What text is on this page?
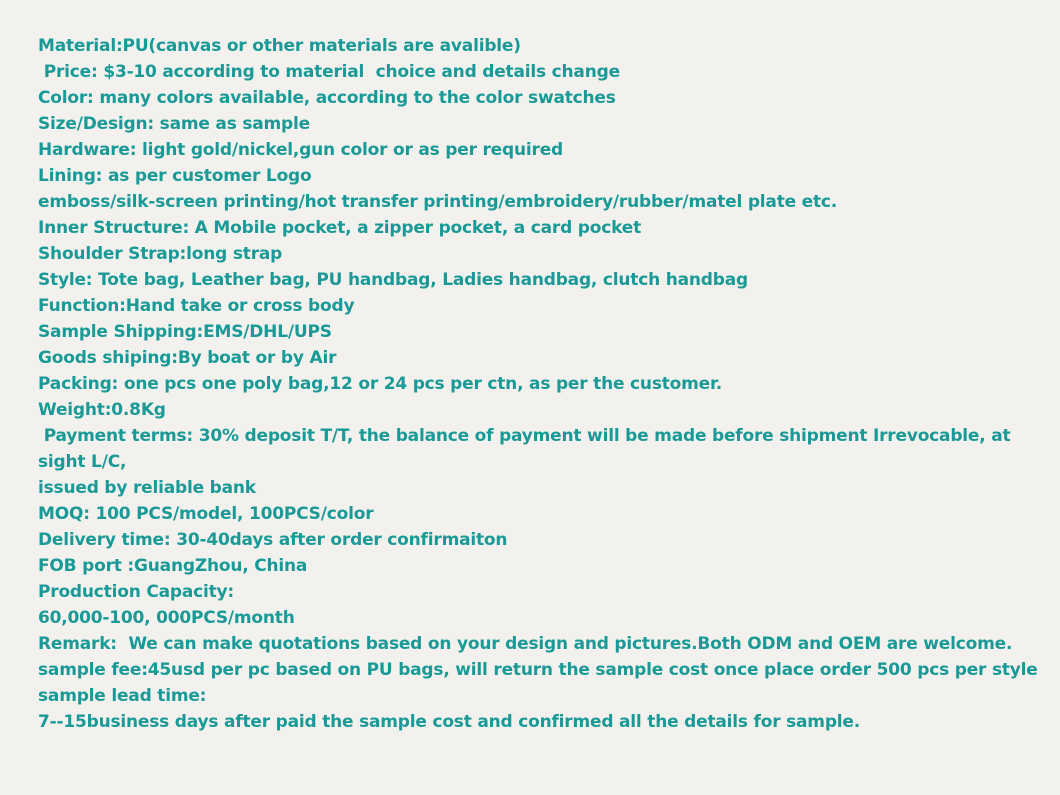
Material:PU(canvas or other materials are avalible)
Price: $3-10 according to material  choice and details change
Color: many colors available, according to the color swatches
Size/Design: same as sample
Hardware: light gold/nickel,gun color or as per required
Lining: as per customer Logo
emboss/silk-screen printing/hot transfer printing/embroidery/rubber/matel plate etc.
Inner Structure: A Mobile pocket, a zipper pocket, a card pocket
Shoulder Strap:long strap
Style: Tote bag, Leather bag, PU handbag, Ladies handbag, clutch handbag
Function:Hand take or cross body
Sample Shipping:EMS/DHL/UPS
Goods shiping:By boat or by Air
Packing: one pcs one poly bag,12 or 24 pcs per ctn, as per the customer.
Weight:0.8Kg
Payment terms: 30% deposit T/T, the balance of payment will be made before shipment Irrevocable, at sight L/C,
issued by reliable bank
MOQ: 100 PCS/model, 100PCS/color
Delivery time: 30-40days after order confirmaiton
FOB port :GuangZhou, China
Production Capacity:
60,000-100, 000PCS/month
Remark:  We can make quotations based on your design and pictures.Both ODM and OEM are welcome.
sample fee:45usd per pc based on PU bags, will return the sample cost once place order 500 pcs per style
sample lead time:
7--15business days after paid the sample cost and confirmed all the details for sample.
